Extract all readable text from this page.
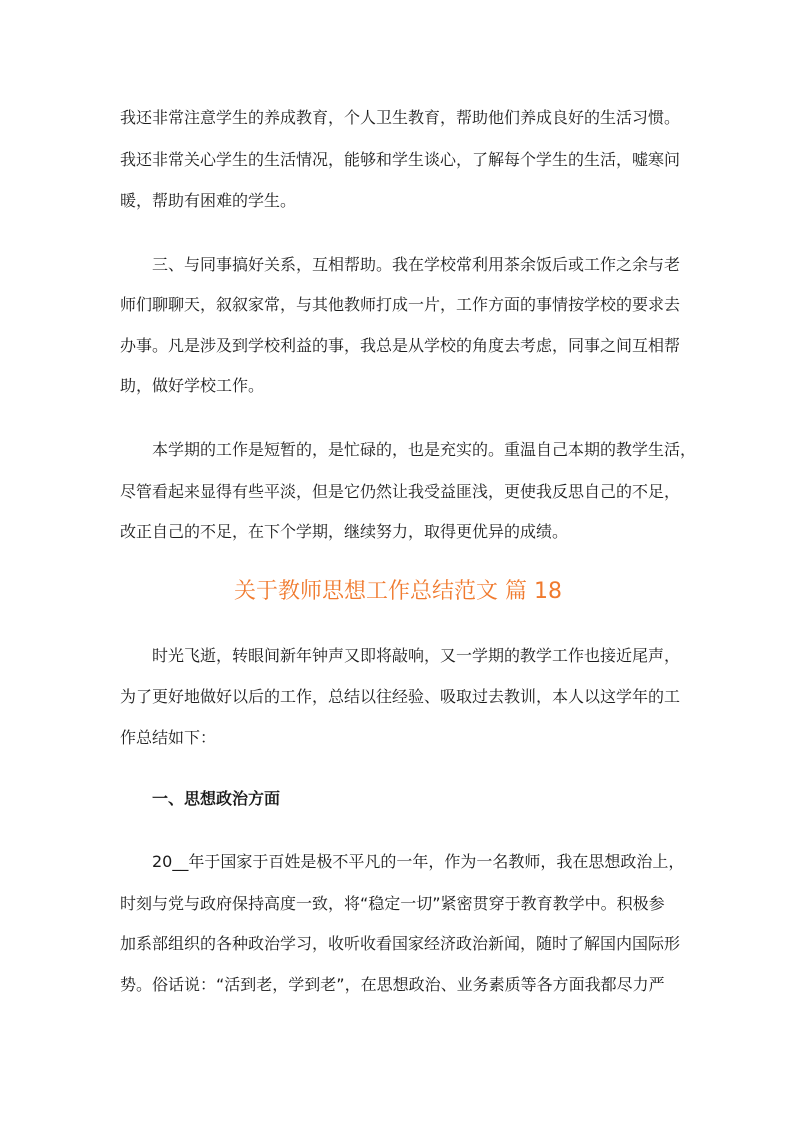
我还非常注意学生的养成教育，个人卫生教育，帮助他们养成良好的生活习惯。
我还非常关心学生的生活情况，能够和学生谈心，了解每个学生的生活，嘘寒问
暖，帮助有困难的学生。
三、与同事搞好关系，互相帮助。我在学校常利用茶余饭后或工作之余与老
师们聊聊天，叙叙家常，与其他教师打成一片，工作方面的事情按学校的要求去
办事。凡是涉及到学校利益的事，我总是从学校的角度去考虑，同事之间互相帮
助，做好学校工作。
本学期的工作是短暂的，是忙碌的，也是充实的。重温自己本期的教学生活，
尽管看起来显得有些平淡，但是它仍然让我受益匪浅，更使我反思自己的不足，
改正自己的不足，在下个学期，继续努力，取得更优异的成绩。
关于教师思想工作总结范文 篇 18
时光飞逝，转眼间新年钟声又即将敲响，又一学期的教学工作也接近尾声，
为了更好地做好以后的工作，总结以往经验、吸取过去教训，本人以这学年的工
作总结如下：
一、思想政治方面
20__年于国家于百姓是极不平凡的一年，作为一名教师，我在思想政治上，
时刻与党与政府保持高度一致，将“稳定一切”紧密贯穿于教育教学中。积极参
加系部组织的各种政治学习，收听收看国家经济政治新闻，随时了解国内国际形
势。俗话说：“活到老，学到老”，在思想政治、业务素质等各方面我都尽力严
